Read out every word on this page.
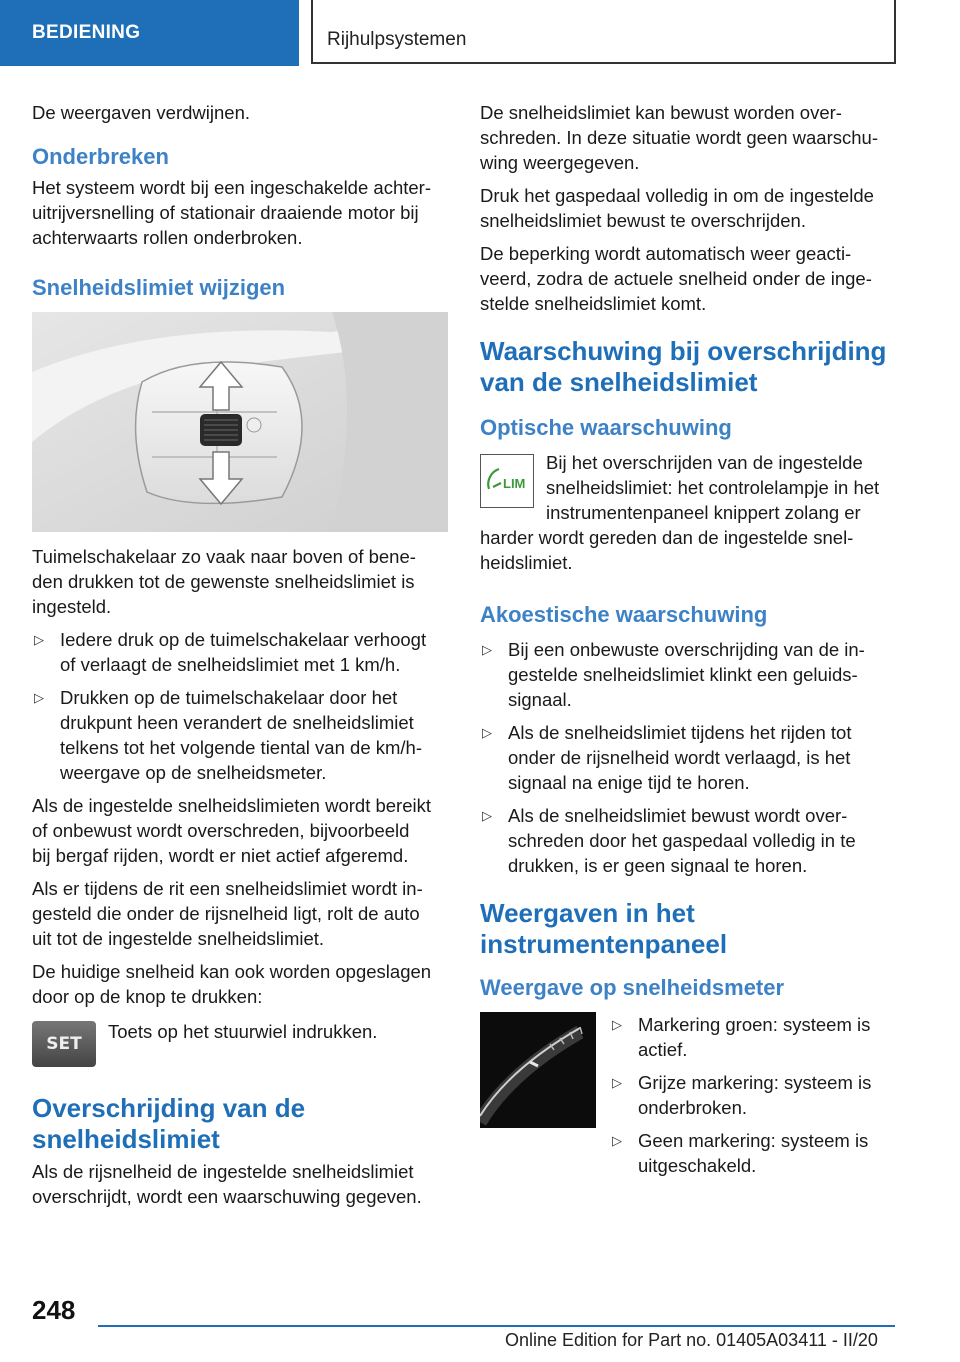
BEDIENING	Rijhulpsystemen

De weergaven verdwijnen.

Onderbreken

Het systeem wordt bij een ingeschakelde achter-
uitrijversnelling of stationair draaiende motor bij
achterwaarts rollen onderbroken.

Snelheidslimiet wijzigen

Tuimelschakelaar zo vaak naar boven of bene-
den drukken tot de gewenste snelheidslimiet is
ingesteld.

▷ Iedere druk op de tuimelschakelaar verhoogt
of verlaagt de snelheidslimiet met 1 km/h.
▷ Drukken op de tuimelschakelaar door het
drukpunt heen verandert de snelheidslimiet
telkens tot het volgende tiental van de km/h-
weergave op de snelheidsmeter.

Als de ingestelde snelheidslimieten wordt bereikt
of onbewust wordt overschreden, bijvoorbeeld
bij bergaf rijden, wordt er niet actief afgeremd.

Als er tijdens de rit een snelheidslimiet wordt in-
gesteld die onder de rijsnelheid ligt, rolt de auto
uit tot de ingestelde snelheidslimiet.

De huidige snelheid kan ook worden opgeslagen
door op de knop te drukken:

SET

Toets op het stuurwiel indrukken.

Overschrijding van de
snelheidslimiet

Als de rijsnelheid de ingestelde snelheidslimiet
overschrijdt, wordt een waarschuwing gegeven.

De snelheidslimiet kan bewust worden over-
schreden. In deze situatie wordt geen waarschu-
wing weergegeven.

Druk het gaspedaal volledig in om de ingestelde
snelheidslimiet bewust te overschrijden.

De beperking wordt automatisch weer geacti-
veerd, zodra de actuele snelheid onder de inge-
stelde snelheidslimiet komt.

Waarschuwing bij overschrijding
van de snelheidslimiet
Optische waarschuwing
LIM

Bij het overschrijden van de ingestelde
snelheidslimiet: het controlelampje in het
instrumentenpaneel knippert zolang er
harder wordt gereden dan de ingestelde snel-
heidslimiet.

Akoestische waarschuwing
▷ Bij een onbewuste overschrijding van de in-
gestelde snelheidslimiet klinkt een geluids-
signaal.
▷ Als de snelheidslimiet tijdens het rijden tot
onder de rijsnelheid wordt verlaagd, is het
signaal na enige tijd te horen.
▷ Als de snelheidslimiet bewust wordt over-
schreden door het gaspedaal volledig in te
drukken, is er geen signaal te horen.
Weergaven in het
instrumentenpaneel
Weergave op snelheidsmeter
▷ Markering groen: systeem is
actief.
▷ Grijze markering: systeem is
onderbroken.
▷ Geen markering: systeem is
uitgeschakeld.
248
Online Edition for Part no. 01405A03411 - II/20
